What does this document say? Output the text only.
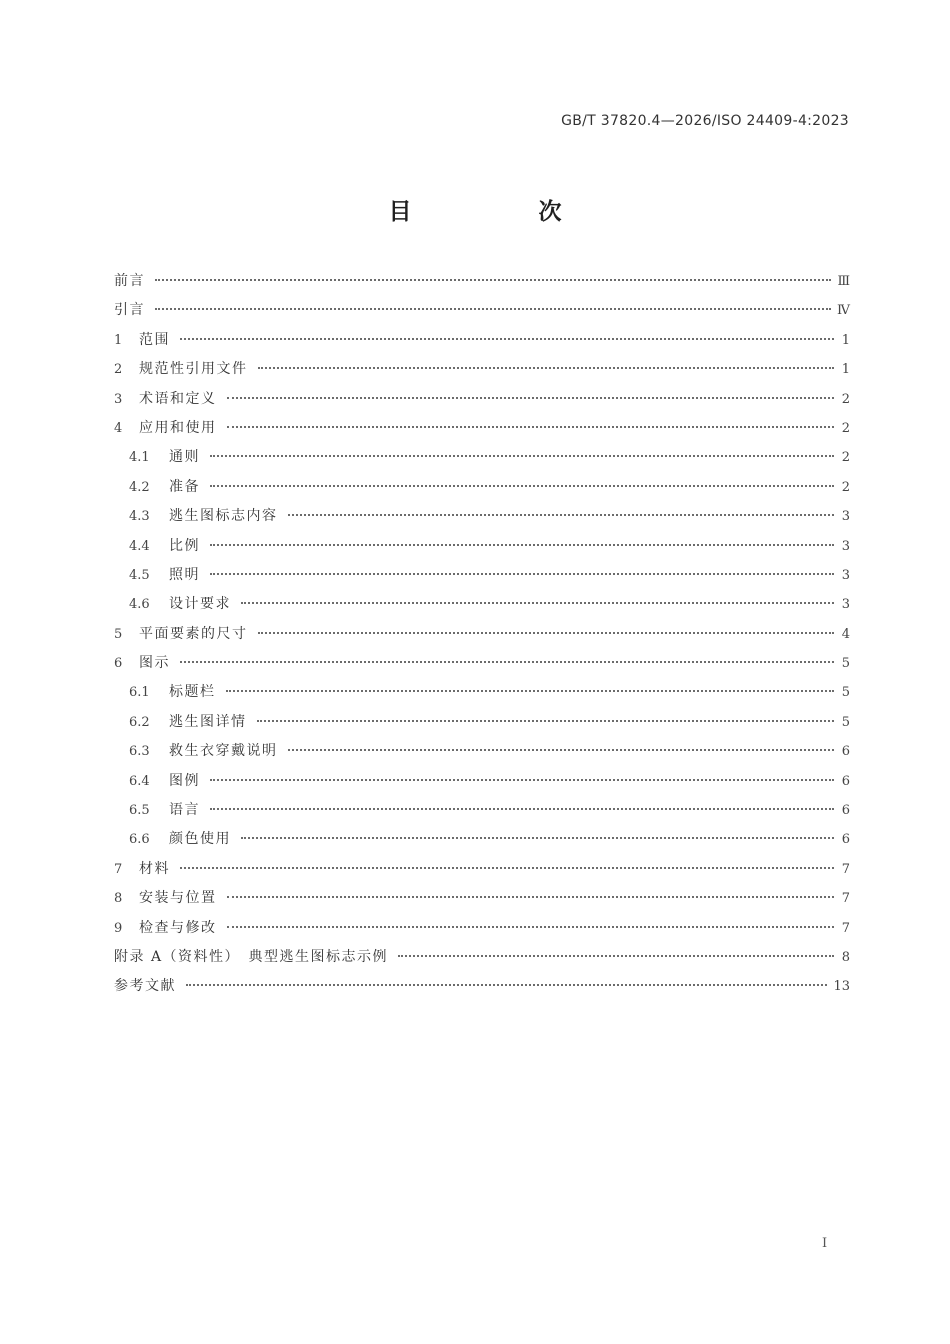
GB/T 37820.4—2026/ISO 24409-4:2023
目　次
前言	Ⅲ
引言	Ⅳ
1	范围	1
2	规范性引用文件	1
3	术语和定义	2
4	应用和使用	2
4.1	通则	2
4.2	准备	2
4.3	逃生图标志内容	3
4.4	比例	3
4.5	照明	3
4.6	设计要求	3
5	平面要素的尺寸	4
6	图示	5
6.1	标题栏	5
6.2	逃生图详情	5
6.3	救生衣穿戴说明	6
6.4	图例	6
6.5	语言	6
6.6	颜色使用	6
7	材料	7
8	安装与位置	7
9	检查与修改	7
附录 A（资料性）　典型逃生图标志示例	8
参考文献	13
I
